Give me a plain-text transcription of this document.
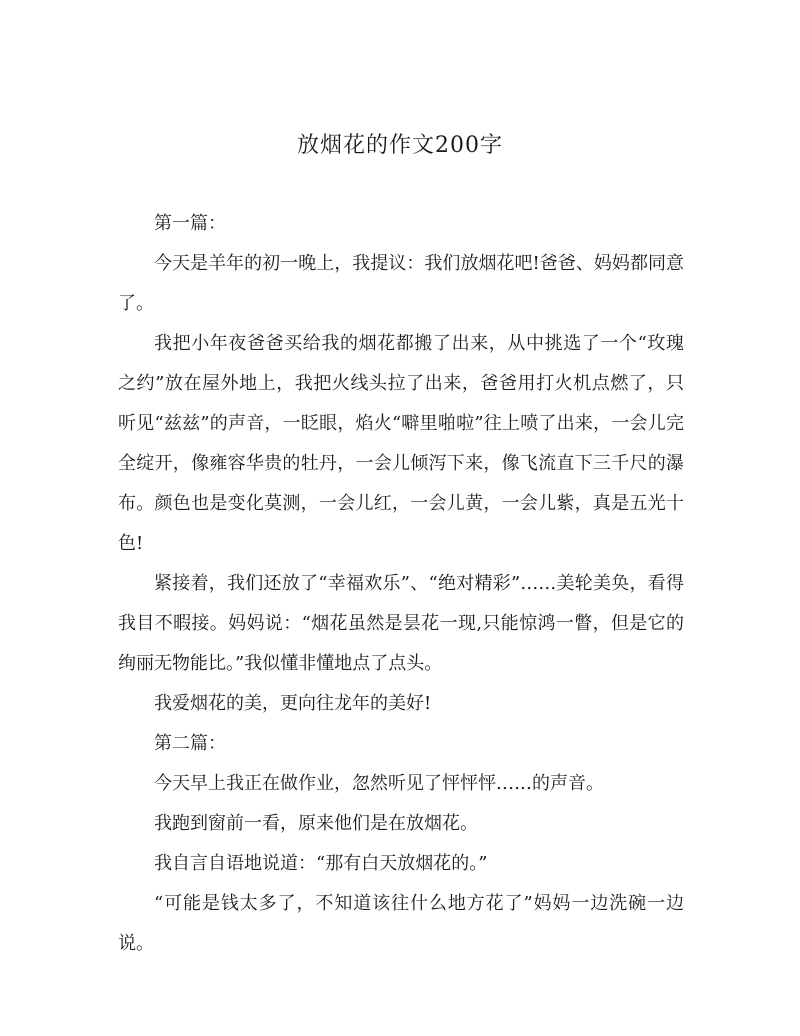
放烟花的作文200字

第一篇：

今天是羊年的初一晚上，我提议：我们放烟花吧!爸爸、妈妈都同意了。

我把小年夜爸爸买给我的烟花都搬了出来，从中挑选了一个“玫瑰之约”放在屋外地上，我把火线头拉了出来，爸爸用打火机点燃了，只听见“兹兹”的声音，一眨眼，焰火“噼里啪啦”往上喷了出来，一会儿完全绽开，像雍容华贵的牡丹，一会儿倾泻下来，像飞流直下三千尺的瀑布。颜色也是变化莫测，一会儿红，一会儿黄，一会儿紫，真是五光十色!

紧接着，我们还放了“幸福欢乐”、“绝对精彩”……美轮美奂，看得我目不暇接。妈妈说：“烟花虽然是昙花一现,只能惊鸿一瞥，但是它的绚丽无物能比。”我似懂非懂地点了点头。

我爱烟花的美，更向往龙年的美好!

第二篇：

今天早上我正在做作业，忽然听见了怦怦怦……的声音。

我跑到窗前一看，原来他们是在放烟花。

我自言自语地说道：“那有白天放烟花的。”

“可能是钱太多了，不知道该往什么地方花了”妈妈一边洗碗一边说。
